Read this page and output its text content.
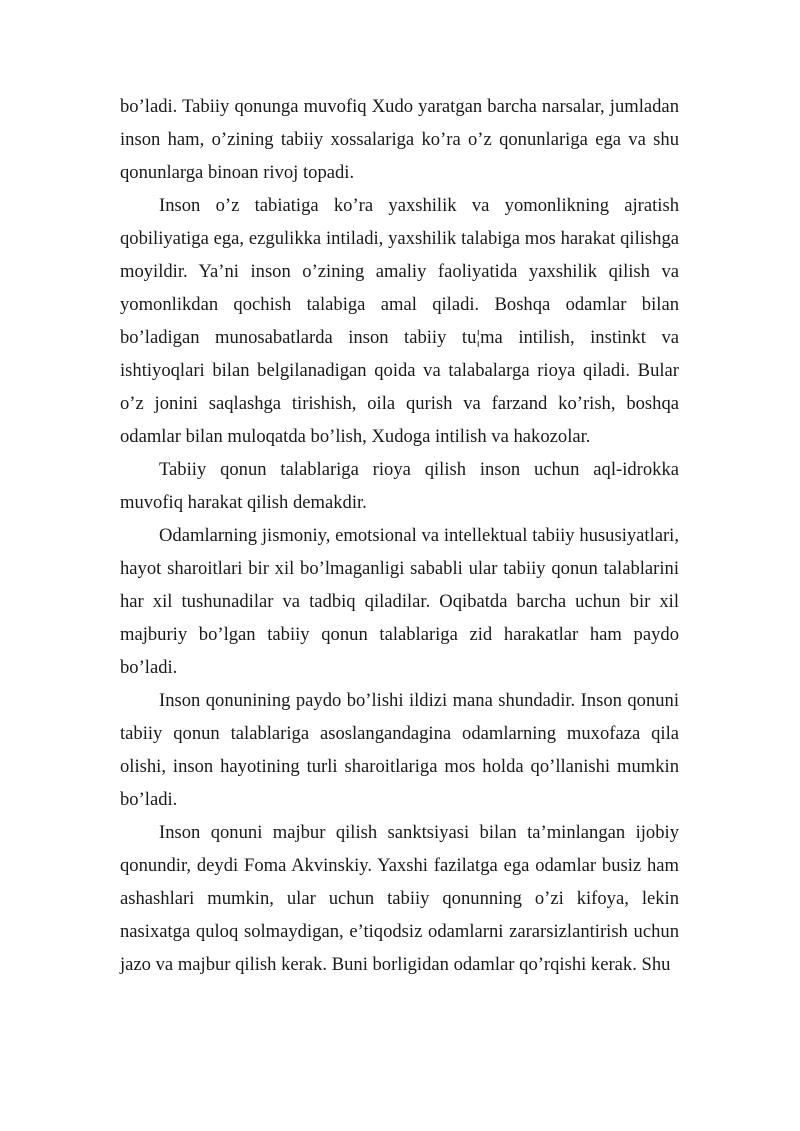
bo’ladi. Tabiiy qonunga muvofiq Xudo yaratgan barcha narsalar, jumladan inson ham, o’zining tabiiy xossalariga ko’ra o’z qonunlariga ega va shu qonunlarga binoan rivoj topadi.

Inson o’z tabiatiga ko’ra yaxshilik va yomonlikning ajratish qobiliyatiga ega, ezgulikka intiladi, yaxshilik talabiga mos harakat qilishga moyildir. Ya’ni inson o’zining amaliy faoliyatida yaxshilik qilish va yomonlikdan qochish talabiga amal qiladi. Boshqa odamlar bilan bo’ladigan munosabatlarda inson tabiiy tu¦ma intilish, instinkt va ishtiyoqlari bilan belgilanadigan qoida va talabalarga rioya qiladi. Bular o’z jonini saqlashga tirishish, oila qurish va farzand ko’rish, boshqa odamlar bilan muloqatda bo’lish, Xudoga intilish va hakozolar.

Tabiiy qonun talablariga rioya qilish inson uchun aql-idrokka muvofiq harakat qilish demakdir.

Odamlarning jismoniy, emotsional va intellektual tabiiy hususiyatlari, hayot sharoitlari bir xil bo’lmaganligi sababli ular tabiiy qonun talablarini har xil tushunadilar va tadbiq qiladilar. Oqibatda barcha uchun bir xil majburiy bo’lgan tabiiy qonun talablariga zid harakatlar ham paydo bo’ladi.

Inson qonunining paydo bo’lishi ildizi mana shundadir. Inson qonuni tabiiy qonun talablariga asoslangandagina odamlarning muxofaza qila olishi, inson hayotining turli sharoitlariga mos holda qo’llanishi mumkin bo’ladi.

Inson qonuni majbur qilish sanktsiyasi bilan ta’minlangan ijobiy qonundir, deydi Foma Akvinskiy. Yaxshi fazilatga ega odamlar busiz ham ashashlari mumkin, ular uchun tabiiy qonunning o’zi kifoya, lekin nasixatga quloq solmaydigan, e’tiqodsiz odamlarni zararsizlantirish uchun jazo va majbur qilish kerak. Buni borligidan odamlar qo’rqishi kerak. Shu
